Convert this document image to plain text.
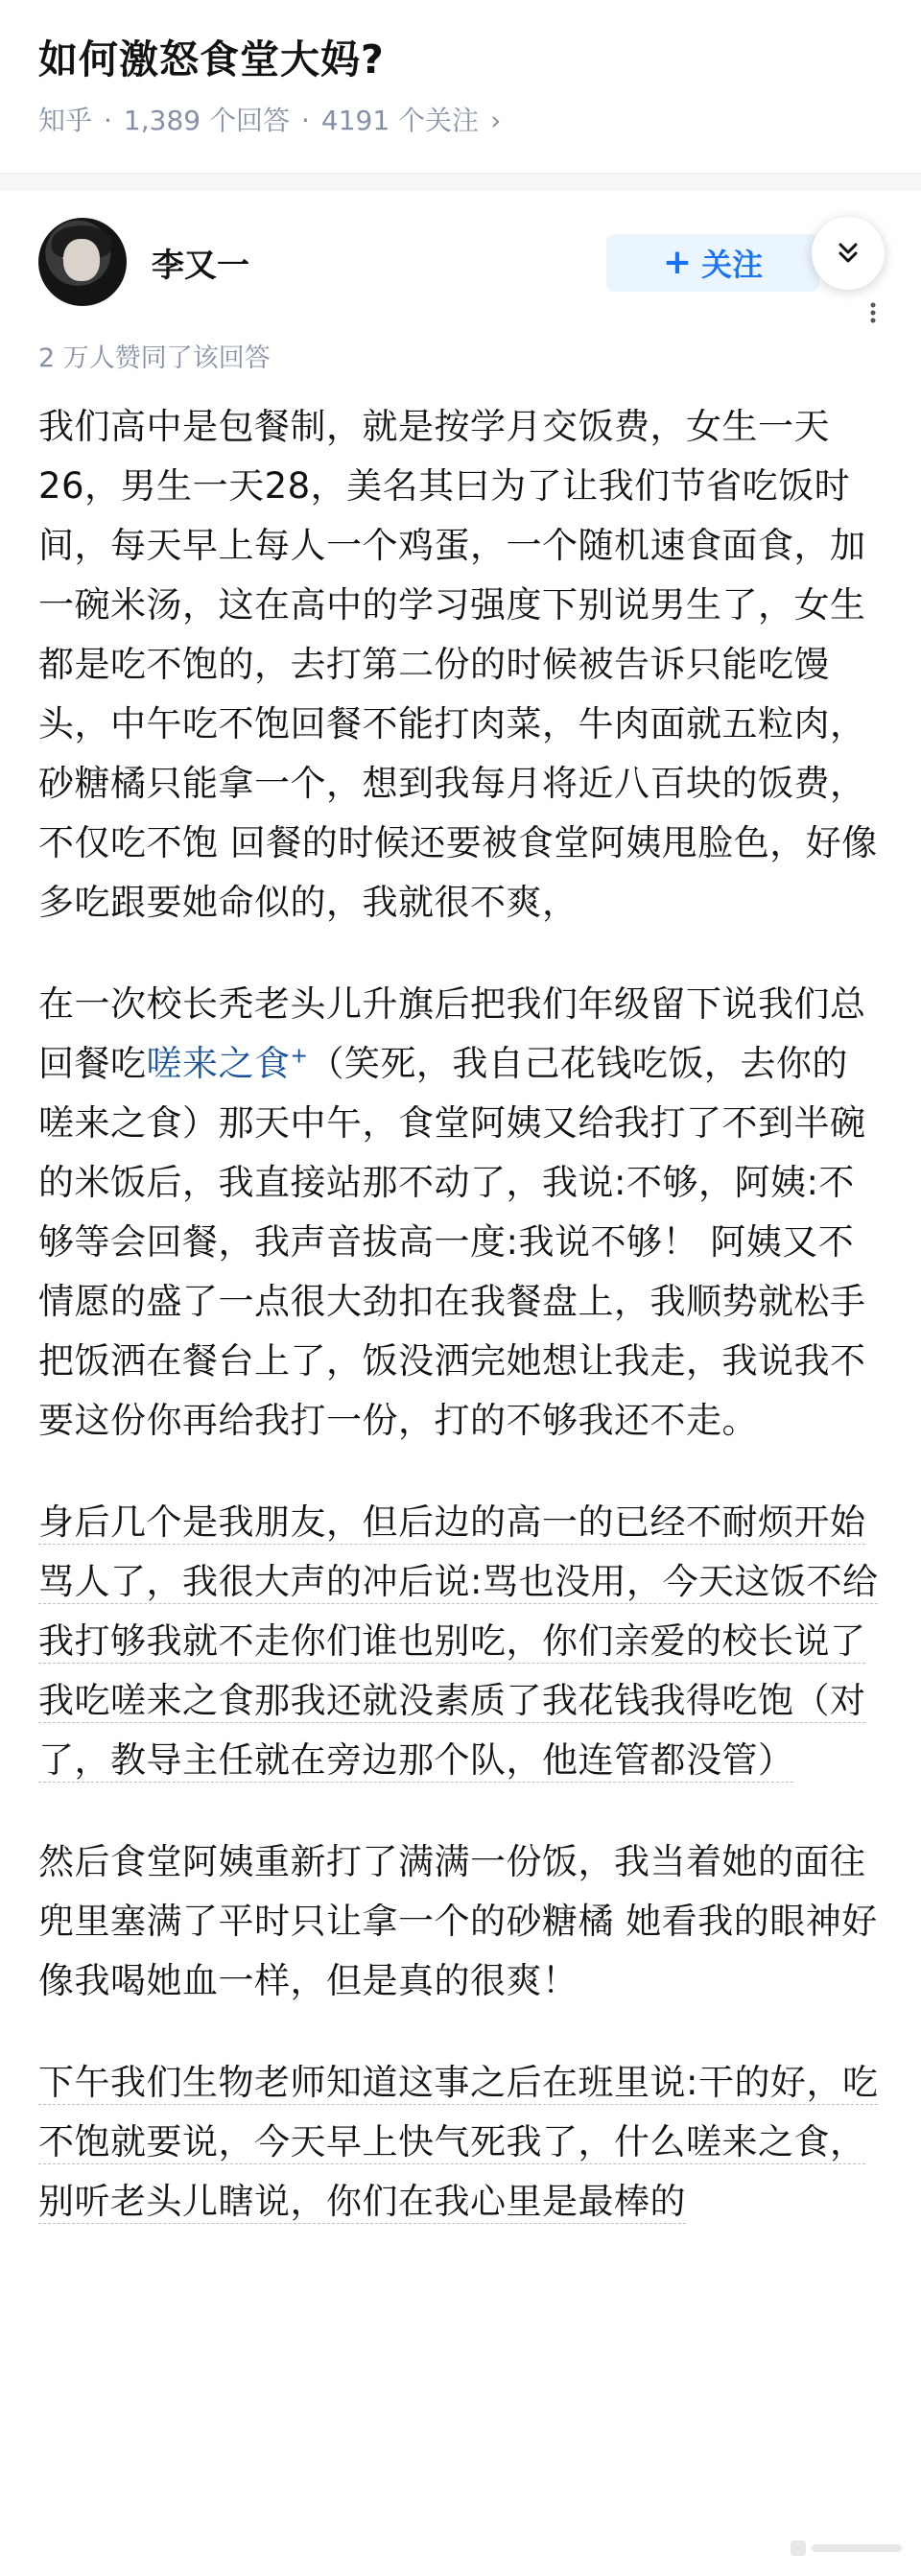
如何激怒食堂大妈?
知乎 · 1,389 个回答 · 4191 个关注 ›
李又一	+ 关注
2 万人赞同了该回答

我们高中是包餐制，就是按学月交饭费，女生一天26，男生一天28，美名其曰为了让我们节省吃饭时间，每天早上每人一个鸡蛋，一个随机速食面食，加一碗米汤，这在高中的学习强度下别说男生了，女生都是吃不饱的，去打第二份的时候被告诉只能吃馒头，中午吃不饱回餐不能打肉菜，牛肉面就五粒肉，砂糖橘只能拿一个，想到我每月将近八百块的饭费，不仅吃不饱 回餐的时候还要被食堂阿姨甩脸色，好像多吃跟要她命似的，我就很不爽，

在一次校长秃老头儿升旗后把我们年级留下说我们总回餐吃嗟来之食+（笑死，我自己花钱吃饭，去你的嗟来之食）那天中午，食堂阿姨又给我打了不到半碗的米饭后，我直接站那不动了，我说:不够，阿姨:不够等会回餐，我声音拔高一度:我说不够！ 阿姨又不情愿的盛了一点很大劲扣在我餐盘上，我顺势就松手把饭洒在餐台上了，饭没洒完她想让我走，我说我不要这份你再给我打一份，打的不够我还不走。

身后几个是我朋友，但后边的高一的已经不耐烦开始骂人了，我很大声的冲后说:骂也没用，今天这饭不给我打够我就不走你们谁也别吃，你们亲爱的校长说了我吃嗟来之食那我还就没素质了我花钱我得吃饱（对了，教导主任就在旁边那个队，他连管都没管）

然后食堂阿姨重新打了满满一份饭，我当着她的面往兜里塞满了平时只让拿一个的砂糖橘 她看我的眼神好像我喝她血一样，但是真的很爽！

下午我们生物老师知道这事之后在班里说:干的好，吃不饱就要说，今天早上快气死我了，什么嗟来之食，别听老头儿瞎说，你们在我心里是最棒的
